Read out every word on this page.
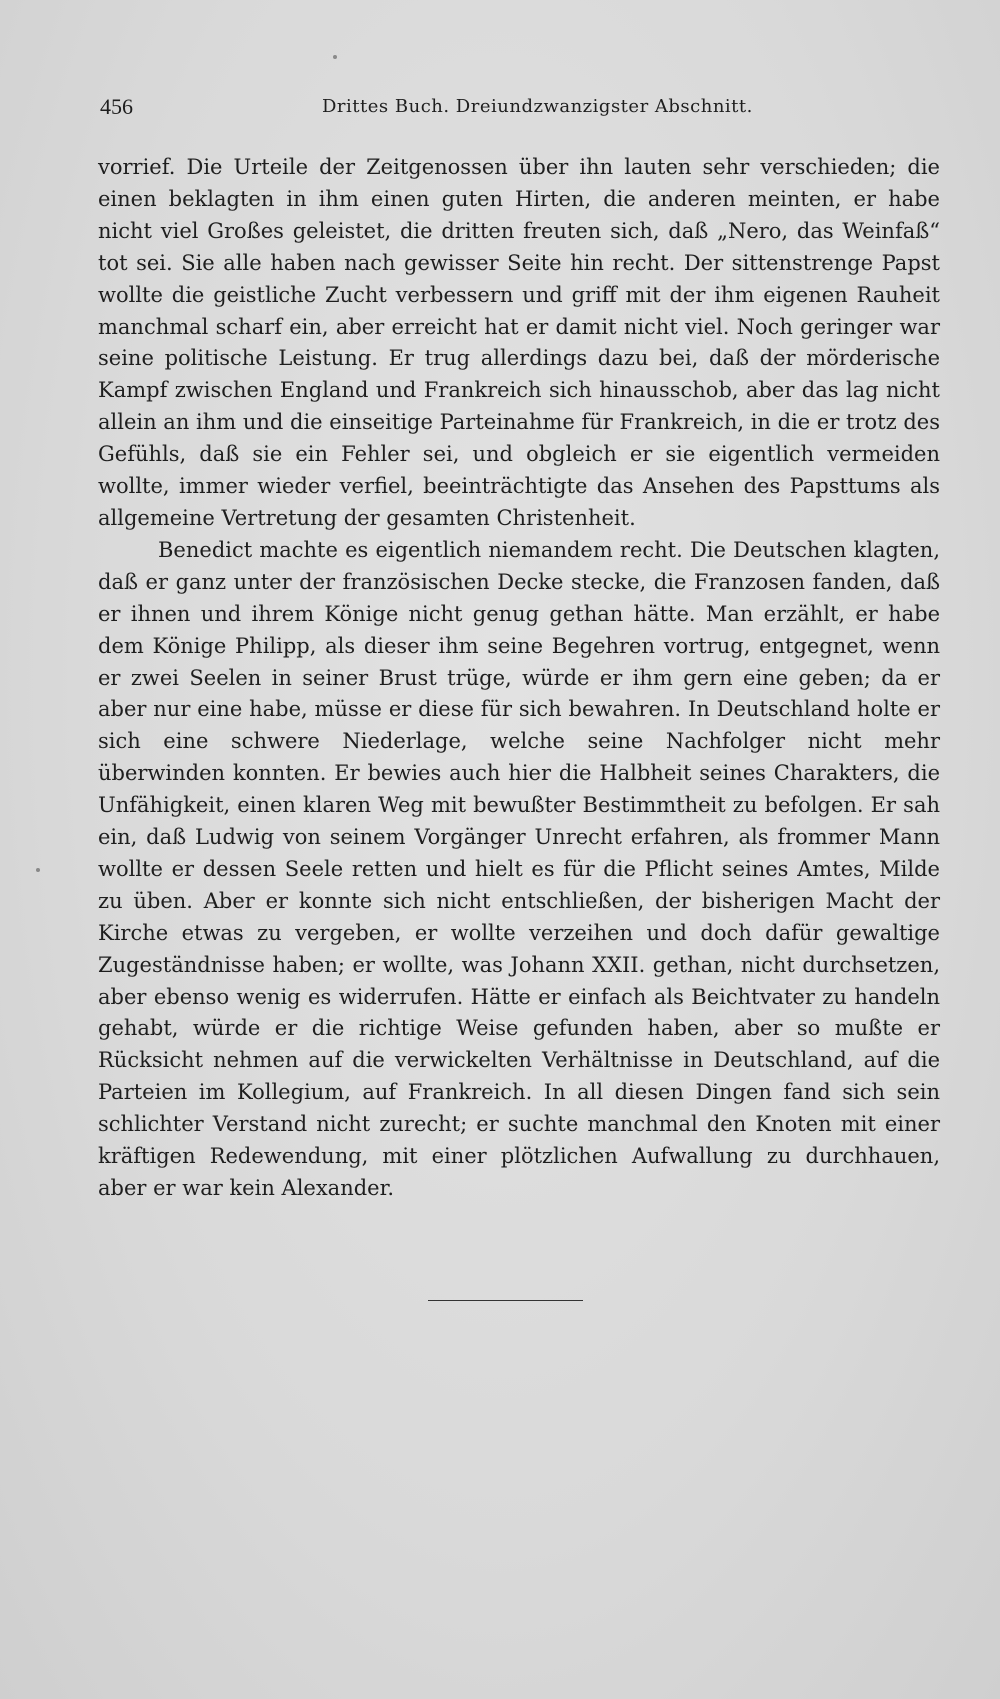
456	Drittes Buch. Dreiundzwanzigster Abschnitt.

vorrief. Die Urteile der Zeitgenossen über ihn lauten sehr verschieden; die einen beklagten in ihm einen guten Hirten, die anderen meinten, er habe nicht viel Großes geleistet, die dritten freuten sich, daß „Nero, das Weinfaß“ tot sei. Sie alle haben nach gewisser Seite hin recht. Der sittenstrenge Papst wollte die geistliche Zucht verbessern und griff mit der ihm eigenen Rauheit manchmal scharf ein, aber erreicht hat er damit nicht viel. Noch geringer war seine politische Leistung. Er trug allerdings dazu bei, daß der mörderische Kampf zwischen England und Frankreich sich hinausschob, aber das lag nicht allein an ihm und die einseitige Parteinahme für Frankreich, in die er trotz des Gefühls, daß sie ein Fehler sei, und obgleich er sie eigentlich vermeiden wollte, immer wieder verfiel, beeinträchtigte das Ansehen des Papsttums als allgemeine Vertretung der gesamten Christenheit.

Benedict machte es eigentlich niemandem recht. Die Deutschen klagten, daß er ganz unter der französischen Decke stecke, die Franzosen fanden, daß er ihnen und ihrem Könige nicht genug gethan hätte. Man erzählt, er habe dem Könige Philipp, als dieser ihm seine Begehren vortrug, entgegnet, wenn er zwei Seelen in seiner Brust trüge, würde er ihm gern eine geben; da er aber nur eine habe, müsse er diese für sich bewahren. In Deutschland holte er sich eine schwere Niederlage, welche seine Nachfolger nicht mehr überwinden konnten. Er bewies auch hier die Halbheit seines Charakters, die Unfähigkeit, einen klaren Weg mit bewußter Bestimmtheit zu befolgen. Er sah ein, daß Ludwig von seinem Vorgänger Unrecht erfahren, als frommer Mann wollte er dessen Seele retten und hielt es für die Pflicht seines Amtes, Milde zu üben. Aber er konnte sich nicht entschließen, der bisherigen Macht der Kirche etwas zu vergeben, er wollte verzeihen und doch dafür gewaltige Zugeständnisse haben; er wollte, was Johann XXII. gethan, nicht durchsetzen, aber ebenso wenig es widerrufen. Hätte er einfach als Beichtvater zu handeln gehabt, würde er die richtige Weise gefunden haben, aber so mußte er Rücksicht nehmen auf die verwickelten Verhältnisse in Deutschland, auf die Parteien im Kollegium, auf Frankreich. In all diesen Dingen fand sich sein schlichter Verstand nicht zurecht; er suchte manchmal den Knoten mit einer kräftigen Redewendung, mit einer plötzlichen Aufwallung zu durchhauen, aber er war kein Alexander.
